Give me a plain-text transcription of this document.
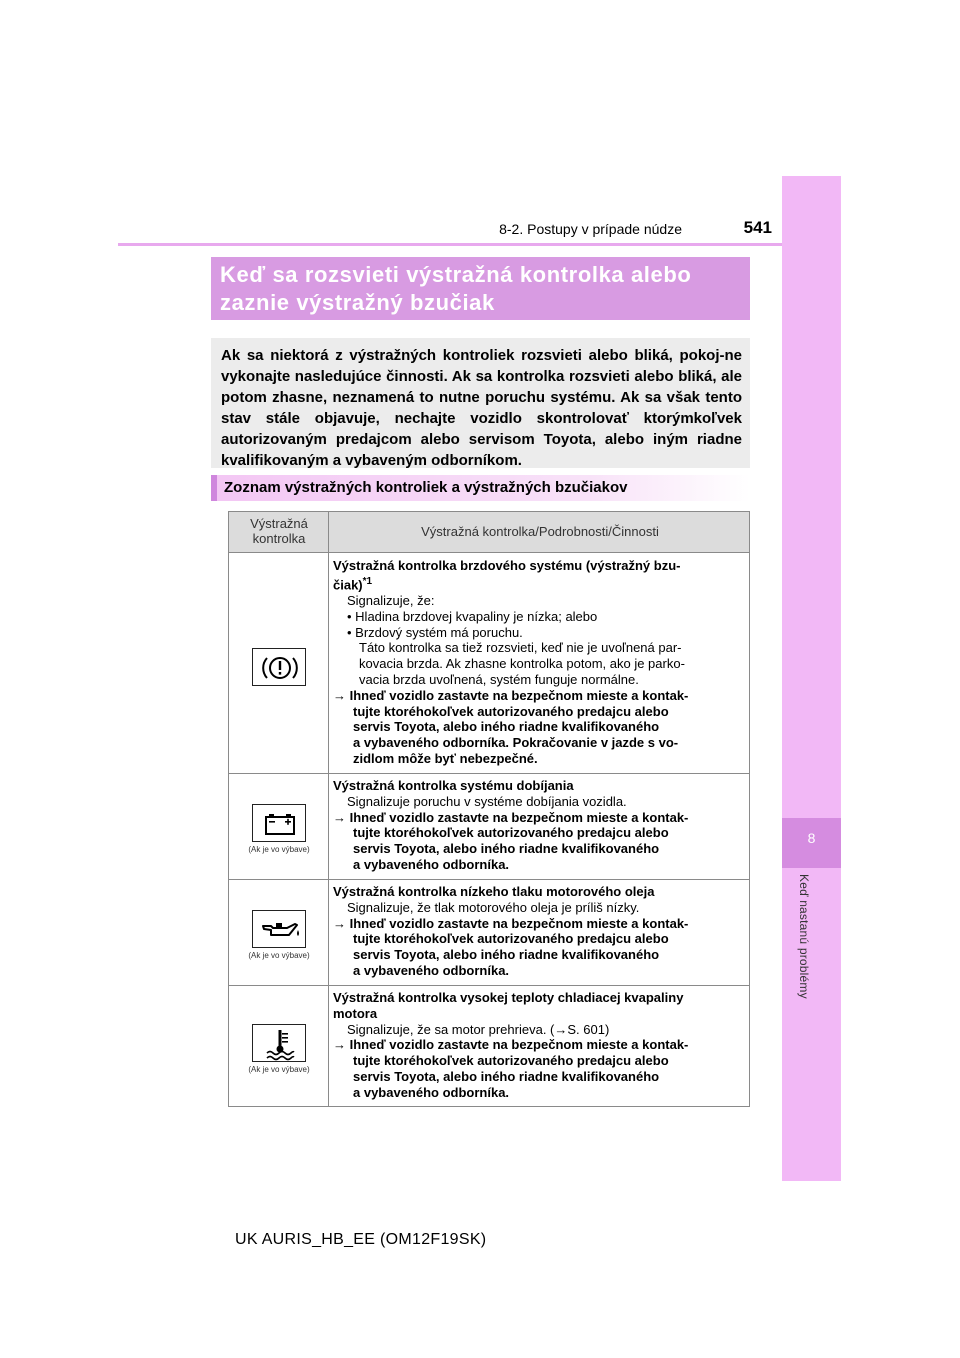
8-2. Postupy v prípade núdze	541
8
Keď nastanú problémy
Keď sa rozsvieti výstražná kontrolka alebo
zaznie výstražný bzučiak
Ak sa niektorá z výstražných kontroliek rozsvieti alebo bliká, pokoj-ne vykonajte nasledujúce činnosti. Ak sa kontrolka rozsvieti alebo bliká, ale potom zhasne, neznamená to nutne poruchu systému. Ak sa však tento stav stále objavuje, nechajte vozidlo skontrolovať ktorýmkoľvek autorizovaným predajcom alebo servisom Toyota, alebo iným riadne kvalifikovaným a vybaveným odborníkom.
Zoznam výstražných kontroliek a výstražných bzučiakov
Výstražná
kontrolka	Výstražná kontrolka/Podrobnosti/Činnosti
Výstražná kontrolka brzdového systému (výstražný bzu-
čiak)$^{*1}$
Signalizuje, že:
• Hladina brzdovej kvapaliny je nízka; alebo
• Brzdový systém má poruchu.
Táto kontrolka sa tiež rozsvieti, keď nie je uvoľnená par-
kovacia brzda. Ak zhasne kontrolka potom, ako je parko-
vacia brzda uvoľnená, systém funguje normálne.
→ Ihneď vozidlo zastavte na bezpečnom mieste a kontak-
tujte ktoréhokoľvek autorizovaného predajcu alebo
servis Toyota, alebo iného riadne kvalifikovaného
a vybaveného odborníka. Pokračovanie v jazde s vo-
zidlom môže byť nebezpečné.
(Ak je vo výbave)
Výstražná kontrolka systému dobíjania
Signalizuje poruchu v systéme dobíjania vozidla.
→ Ihneď vozidlo zastavte na bezpečnom mieste a kontak-
tujte ktoréhokoľvek autorizovaného predajcu alebo
servis Toyota, alebo iného riadne kvalifikovaného
a vybaveného odborníka.
(Ak je vo výbave)
Výstražná kontrolka nízkeho tlaku motorového oleja
Signalizuje, že tlak motorového oleja je príliš nízky.
→ Ihneď vozidlo zastavte na bezpečnom mieste a kontak-
tujte ktoréhokoľvek autorizovaného predajcu alebo
servis Toyota, alebo iného riadne kvalifikovaného
a vybaveného odborníka.
(Ak je vo výbave)
Výstražná kontrolka vysokej teploty chladiacej kvapaliny
motora
Signalizuje, že sa motor prehrieva. (→S. 601)
→ Ihneď vozidlo zastavte na bezpečnom mieste a kontak-
tujte ktoréhokoľvek autorizovaného predajcu alebo
servis Toyota, alebo iného riadne kvalifikovaného
a vybaveného odborníka.
UK AURIS_HB_EE (OM12F19SK)
